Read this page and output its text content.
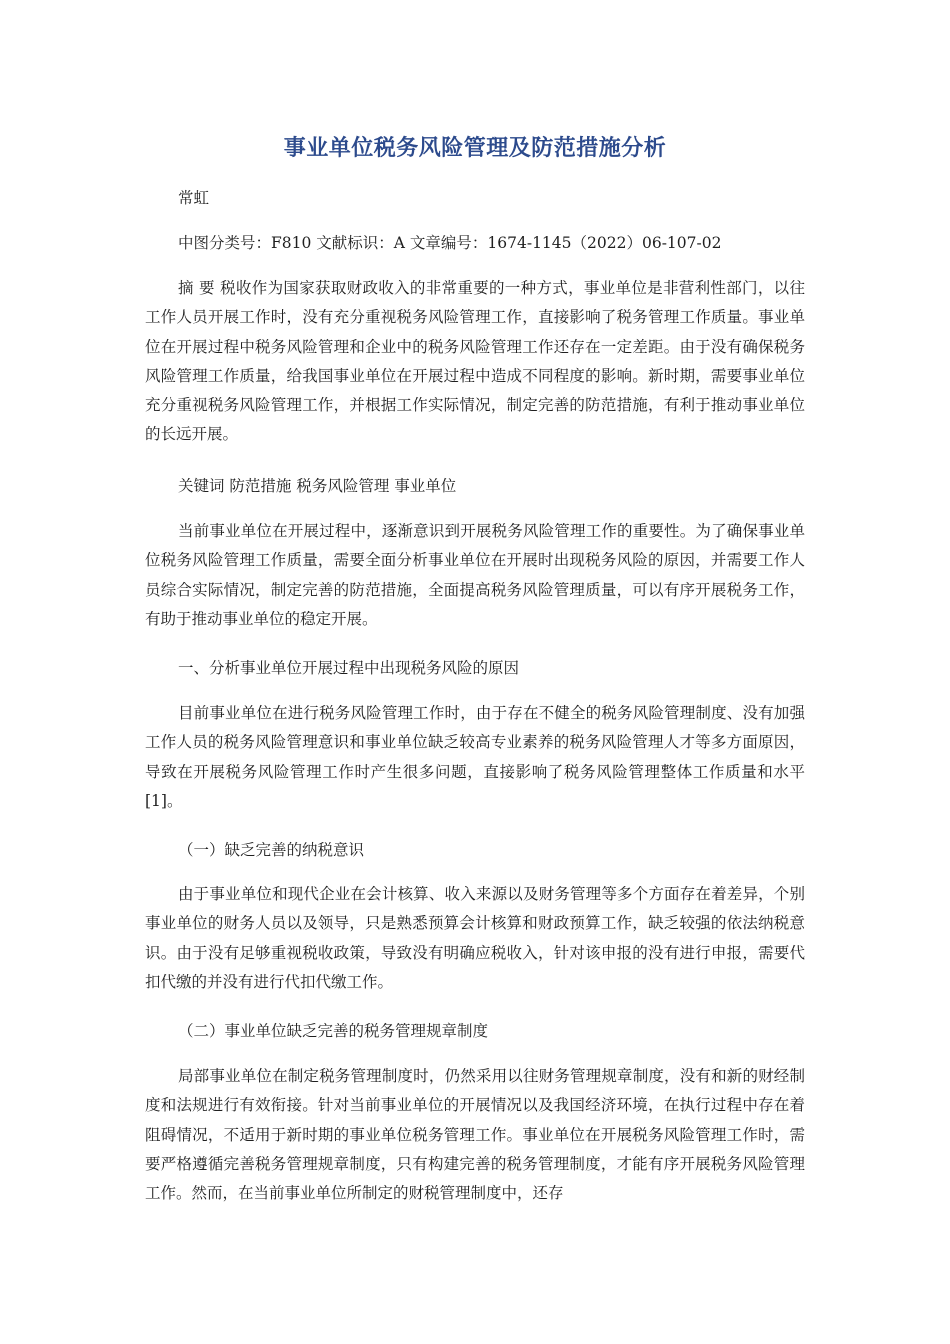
事业单位税务风险管理及防范措施分析
常虹
中图分类号：F810 文献标识：A 文章编号：1674-1145（2022）06-107-02
摘 要 税收作为国家获取财政收入的非常重要的一种方式，事业单位是非营利性部门，以往工作人员开展工作时，没有充分重视税务风险管理工作，直接影响了税务管理工作质量。事业单位在开展过程中税务风险管理和企业中的税务风险管理工作还存在一定差距。由于没有确保税务风险管理工作质量，给我国事业单位在开展过程中造成不同程度的影响。新时期，需要事业单位充分重视税务风险管理工作，并根据工作实际情况，制定完善的防范措施，有利于推动事业单位的长远开展。
关键词 防范措施 税务风险管理 事业单位
当前事业单位在开展过程中，逐渐意识到开展税务风险管理工作的重要性。为了确保事业单位税务风险管理工作质量，需要全面分析事业单位在开展时出现税务风险的原因，并需要工作人员综合实际情况，制定完善的防范措施，全面提高税务风险管理质量，可以有序开展税务工作，有助于推动事业单位的稳定开展。
一、分析事业单位开展过程中出现税务风险的原因
目前事业单位在进行税务风险管理工作时，由于存在不健全的税务风险管理制度、没有加强工作人员的税务风险管理意识和事业单位缺乏较高专业素养的税务风险管理人才等多方面原因，导致在开展税务风险管理工作时产生很多问题，直接影响了税务风险管理整体工作质量和水平[1]。
（一）缺乏完善的纳税意识
由于事业单位和现代企业在会计核算、收入来源以及财务管理等多个方面存在着差异，个别事业单位的财务人员以及领导，只是熟悉预算会计核算和财政预算工作，缺乏较强的依法纳税意识。由于没有足够重视税收政策，导致没有明确应税收入，针对该申报的没有进行申报，需要代扣代缴的并没有进行代扣代缴工作。
（二）事业单位缺乏完善的税务管理规章制度
局部事业单位在制定税务管理制度时，仍然采用以往财务管理规章制度，没有和新的财经制度和法规进行有效衔接。针对当前事业单位的开展情况以及我国经济环境，在执行过程中存在着阻碍情况，不适用于新时期的事业单位税务管理工作。事业单位在开展税务风险管理工作时，需要严格遵循完善税务管理规章制度，只有构建完善的税务管理制度，才能有序开展税务风险管理工作。然而，在当前事业单位所制定的财税管理制度中，还存
